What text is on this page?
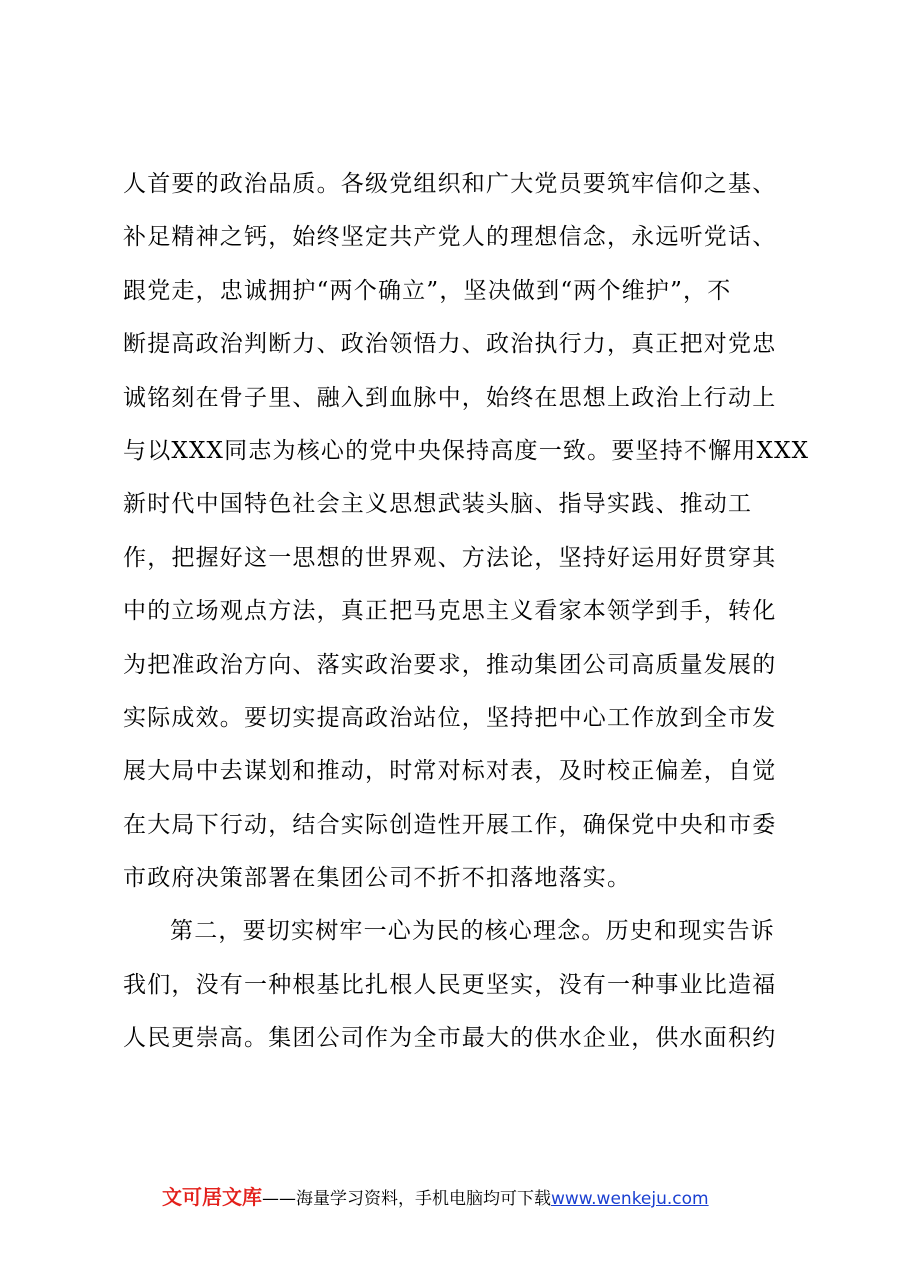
人首要的政治品质。各级党组织和广大党员要筑牢信仰之基、
补足精神之钙，始终坚定共产党人的理想信念，永远听党话、
跟党走，忠诚拥护“两个确立”，坚决做到“两个维护”，不
断提高政治判断力、政治领悟力、政治执行力，真正把对党忠
诚铭刻在骨子里、融入到血脉中，始终在思想上政治上行动上
与以XXX同志为核心的党中央保持高度一致。要坚持不懈用XXX
新时代中国特色社会主义思想武装头脑、指导实践、推动工
作，把握好这一思想的世界观、方法论，坚持好运用好贯穿其
中的立场观点方法，真正把马克思主义看家本领学到手，转化
为把准政治方向、落实政治要求，推动集团公司高质量发展的
实际成效。要切实提高政治站位，坚持把中心工作放到全市发
展大局中去谋划和推动，时常对标对表，及时校正偏差，自觉
在大局下行动，结合实际创造性开展工作，确保党中央和市委
市政府决策部署在集团公司不折不扣落地落实。
第二，要切实树牢一心为民的核心理念。历史和现实告诉
我们，没有一种根基比扎根人民更坚实，没有一种事业比造福
人民更崇高。集团公司作为全市最大的供水企业，供水面积约
文可居文库——海量学习资料，手机电脑均可下载www.wenkeju.com
